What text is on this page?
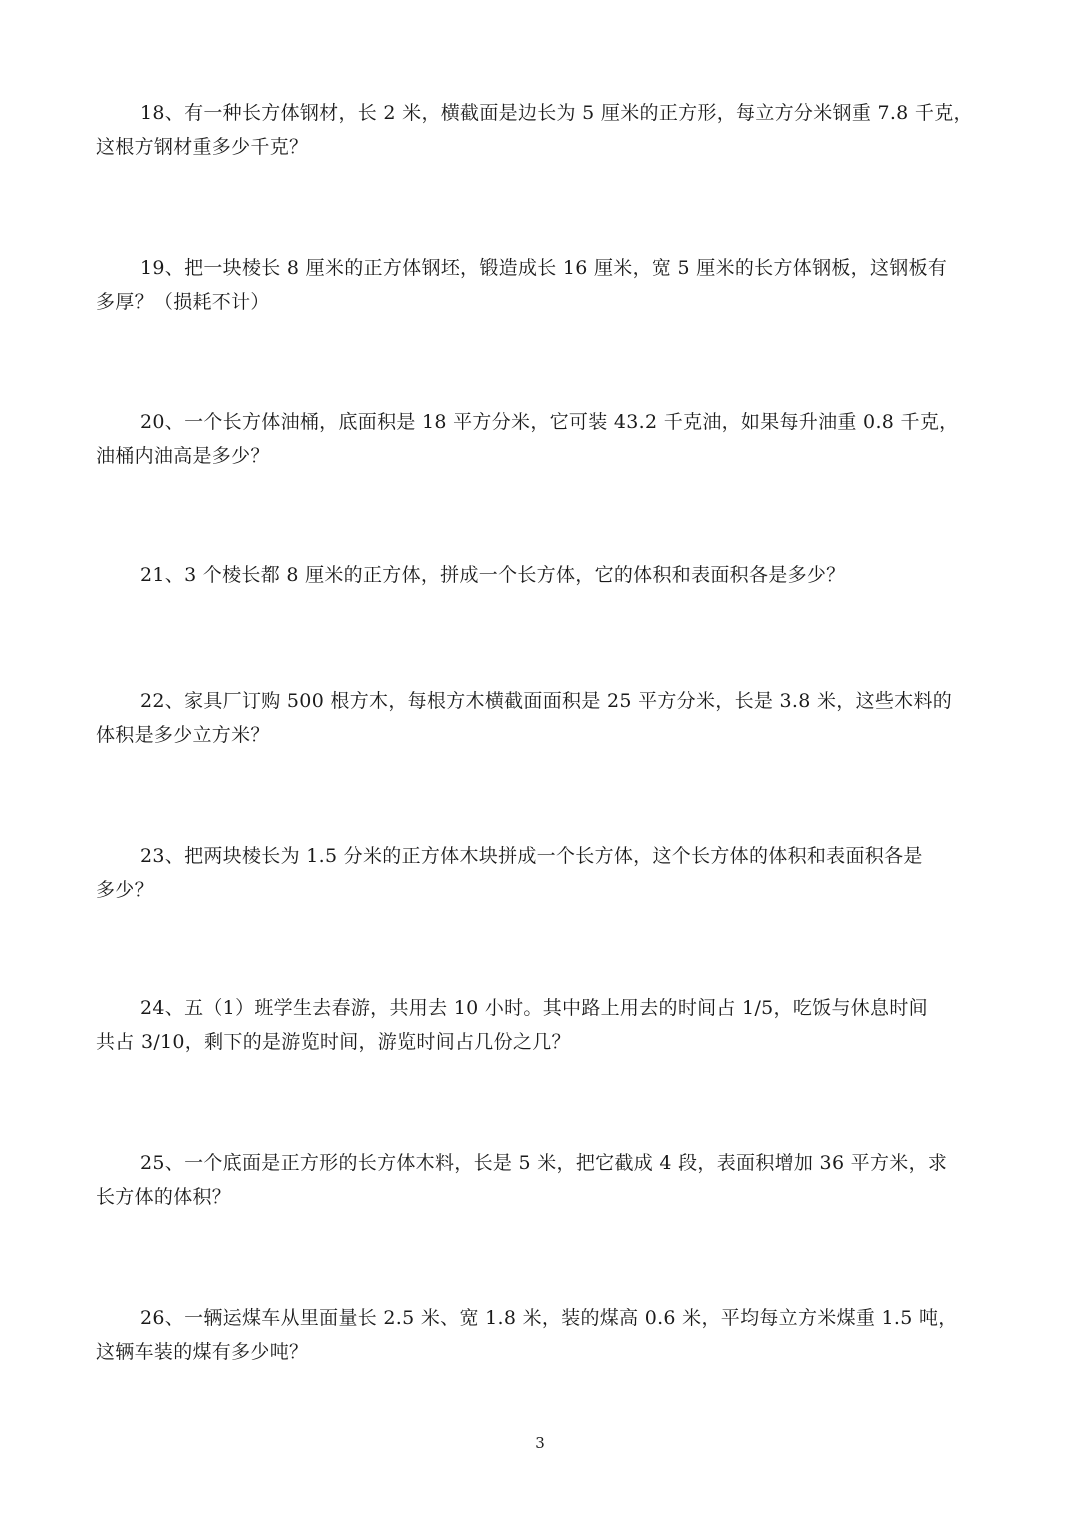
18、有一种长方体钢材，长 2 米，横截面是边长为 5 厘米的正方形，每立方分米钢重 7.8 千克，
这根方钢材重多少千克？
19、把一块棱长 8 厘米的正方体钢坯，锻造成长 16 厘米，宽 5 厘米的长方体钢板，这钢板有
多厚？（损耗不计）
20、一个长方体油桶，底面积是 18 平方分米，它可装 43.2 千克油，如果每升油重 0.8 千克，
油桶内油高是多少？
21、3 个棱长都 8 厘米的正方体，拼成一个长方体，它的体积和表面积各是多少？
22、家具厂订购 500 根方木，每根方木横截面面积是 25 平方分米，长是 3.8 米，这些木料的
体积是多少立方米？
23、把两块棱长为 1.5 分米的正方体木块拼成一个长方体，这个长方体的体积和表面积各是
多少？
24、五（1）班学生去春游，共用去 10 小时。其中路上用去的时间占 1/5，吃饭与休息时间
共占 3/10，剩下的是游览时间，游览时间占几份之几？
25、一个底面是正方形的长方体木料，长是 5 米，把它截成 4 段，表面积增加 36 平方米，求
长方体的体积？
26、一辆运煤车从里面量长 2.5 米、宽 1.8 米，装的煤高 0.6 米，平均每立方米煤重 1.5 吨，
这辆车装的煤有多少吨？
3
